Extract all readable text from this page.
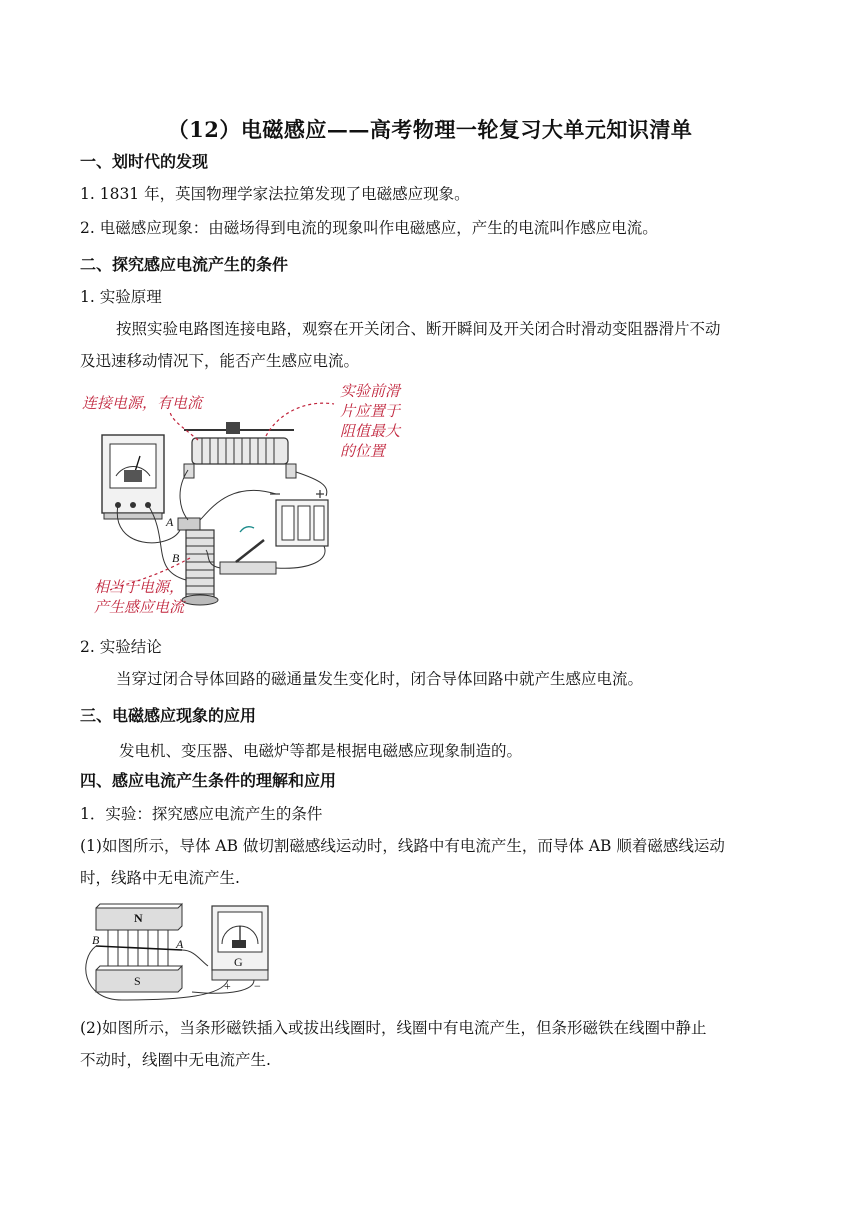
（12）电磁感应——高考物理一轮复习大单元知识清单
一、划时代的发现
1. 1831 年，英国物理学家法拉第发现了电磁感应现象。
2. 电磁感应现象：由磁场得到电流的现象叫作电磁感应，产生的电流叫作感应电流。
二、探究感应电流产生的条件
1. 实验原理
按照实验电路图连接电路，观察在开关闭合、断开瞬间及开关闭合时滑动变阻器滑片不动
及迅速移动情况下，能否产生感应电流。
连接电源，有电流
实验前滑
片应置于
阻值最大
的位置
相当于电源，
产生感应电流
A
B
2. 实验结论
当穿过闭合导体回路的磁通量发生变化时，闭合导体回路中就产生感应电流。
三、电磁感应现象的应用
发电机、变压器、电磁炉等都是根据电磁感应现象制造的。
四、感应电流产生条件的理解和应用
1．实验：探究感应电流产生的条件
(1)如图所示，导体 AB 做切割磁感线运动时，线路中有电流产生，而导体 AB 顺着磁感线运动
时，线路中无电流产生.
N
S
B	A
G
+ −
(2)如图所示，当条形磁铁插入或拔出线圈时，线圈中有电流产生，但条形磁铁在线圈中静止
不动时，线圈中无电流产生.
